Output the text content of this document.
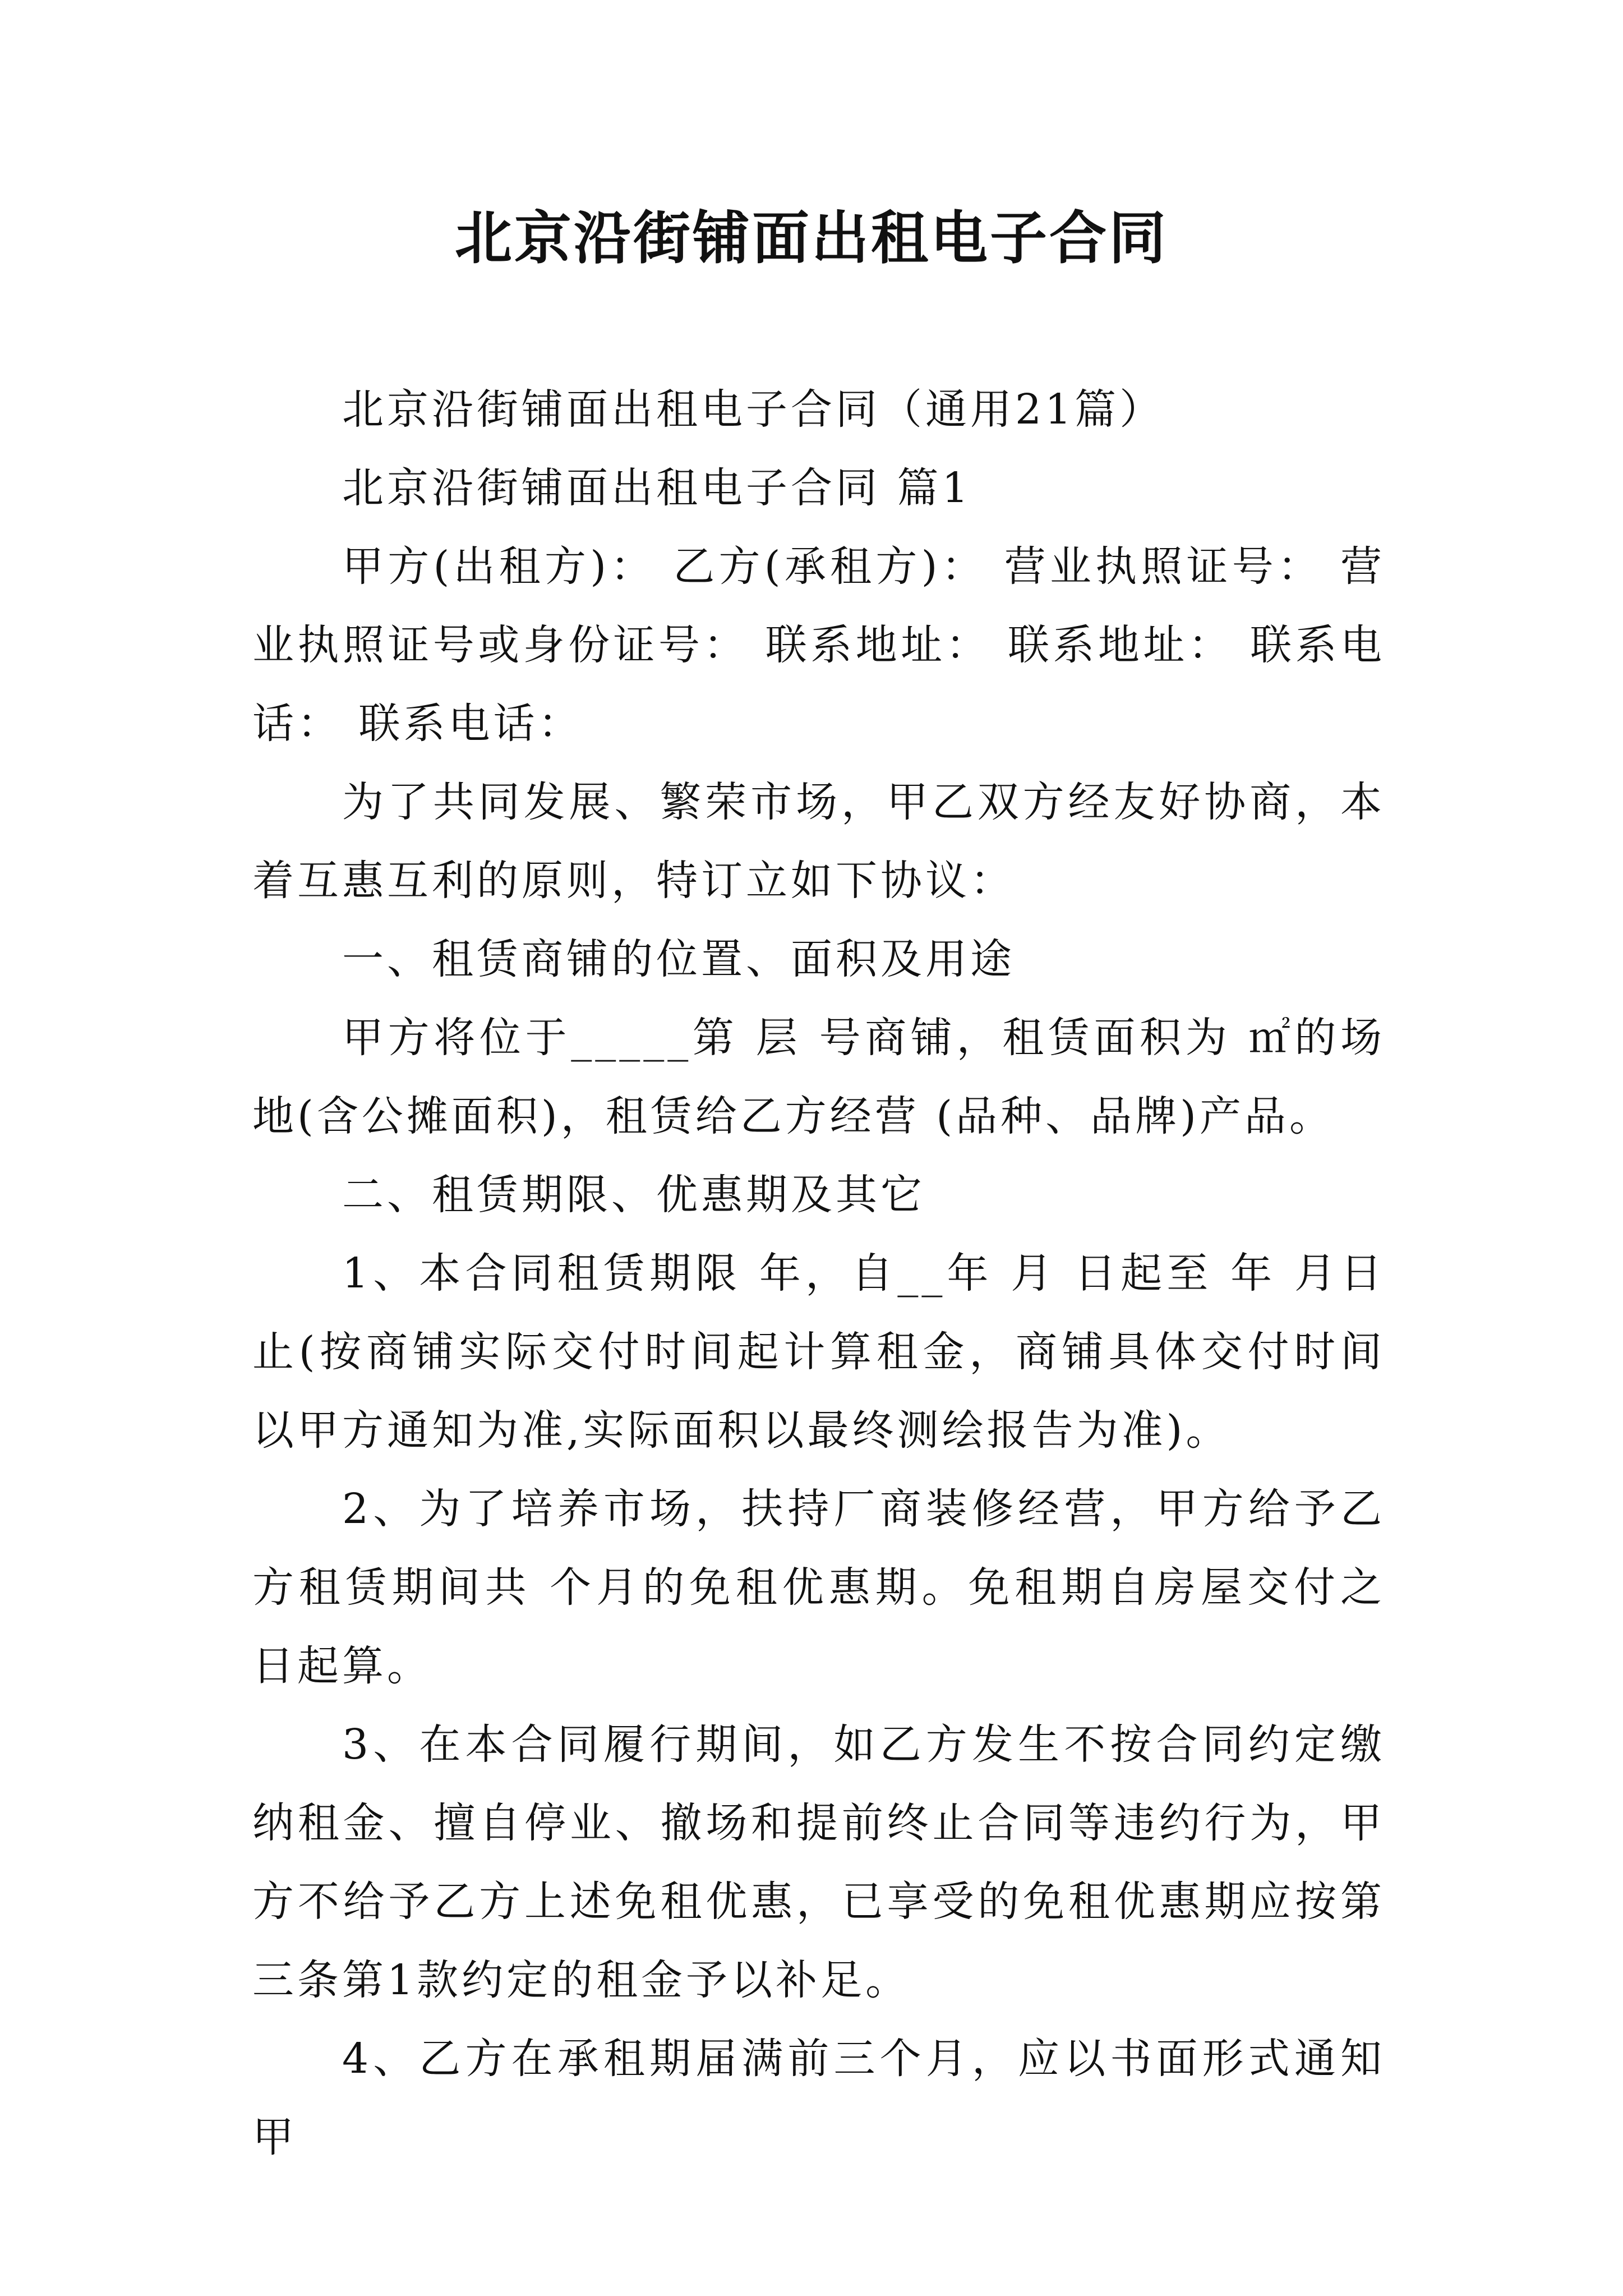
北京沿街铺面出租电子合同

北京沿街铺面出租电子合同（通用21篇）

北京沿街铺面出租电子合同 篇1

甲方(出租方)： 乙方(承租方)： 营业执照证号： 营业执照证号或身份证号： 联系地址： 联系地址： 联系电话： 联系电话：

为了共同发展、繁荣市场，甲乙双方经友好协商，本着互惠互利的原则，特订立如下协议：

一、租赁商铺的位置、面积及用途

甲方将位于_____第 层 号商铺，租赁面积为 ㎡的场地(含公摊面积)，租赁给乙方经营 (品种、品牌)产品。

二、租赁期限、优惠期及其它

1、本合同租赁期限 年，自__年 月 日起至 年 月日止(按商铺实际交付时间起计算租金，商铺具体交付时间以甲方通知为准,实际面积以最终测绘报告为准)。

2、为了培养市场，扶持厂商装修经营，甲方给予乙方租赁期间共 个月的免租优惠期。免租期自房屋交付之日起算。

3、在本合同履行期间，如乙方发生不按合同约定缴纳租金、擅自停业、撤场和提前终止合同等违约行为，甲方不给予乙方上述免租优惠，已享受的免租优惠期应按第三条第1款约定的租金予以补足。

4、乙方在承租期届满前三个月，应以书面形式通知甲
